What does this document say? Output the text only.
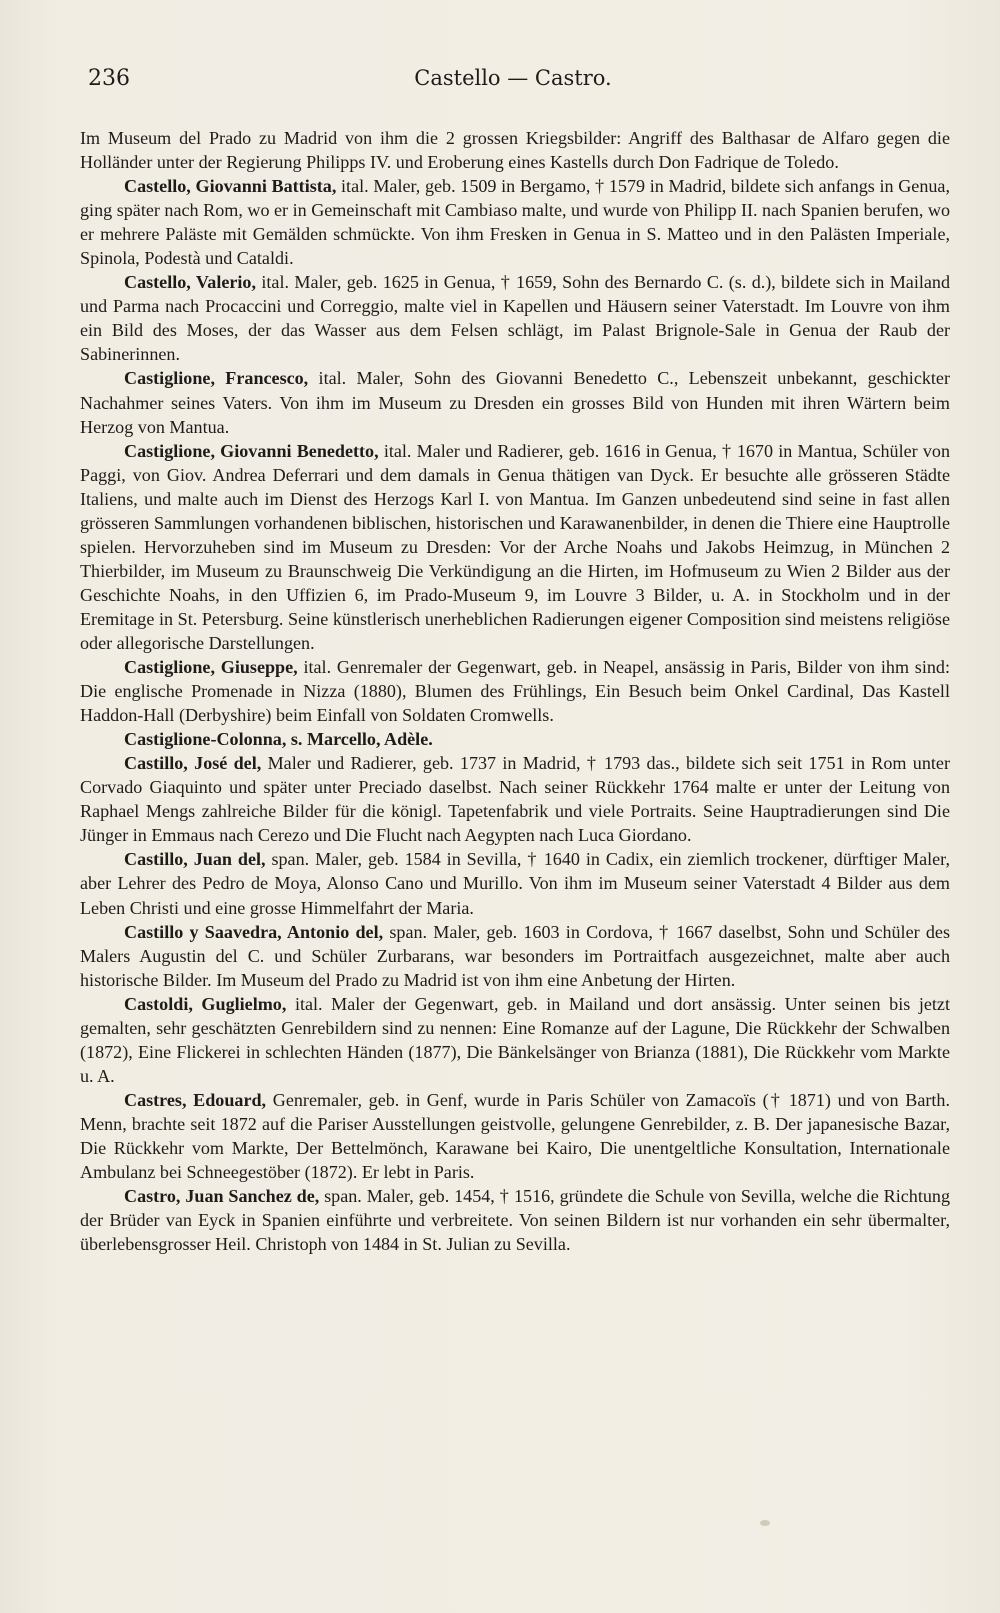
236	Castello — Castro.

Im Museum del Prado zu Madrid von ihm die 2 grossen Kriegsbilder: Angriff des Balthasar de Alfaro gegen die Holländer unter der Regierung Philipps IV. und Eroberung eines Kastells durch Don Fadrique de Toledo.

Castello, Giovanni Battista, ital. Maler, geb. 1509 in Bergamo, † 1579 in Madrid, bildete sich anfangs in Genua, ging später nach Rom, wo er in Gemeinschaft mit Cambiaso malte, und wurde von Philipp II. nach Spanien berufen, wo er mehrere Paläste mit Gemälden schmückte. Von ihm Fresken in Genua in S. Matteo und in den Palästen Imperiale, Spinola, Podestà und Cataldi.

Castello, Valerio, ital. Maler, geb. 1625 in Genua, † 1659, Sohn des Bernardo C. (s. d.), bildete sich in Mailand und Parma nach Procaccini und Correggio, malte viel in Kapellen und Häusern seiner Vaterstadt. Im Louvre von ihm ein Bild des Moses, der das Wasser aus dem Felsen schlägt, im Palast Brignole-Sale in Genua der Raub der Sabinerinnen.

Castiglione, Francesco, ital. Maler, Sohn des Giovanni Benedetto C., Lebenszeit unbekannt, geschickter Nachahmer seines Vaters. Von ihm im Museum zu Dresden ein grosses Bild von Hunden mit ihren Wärtern beim Herzog von Mantua.

Castiglione, Giovanni Benedetto, ital. Maler und Radierer, geb. 1616 in Genua, † 1670 in Mantua, Schüler von Paggi, von Giov. Andrea Deferrari und dem damals in Genua thätigen van Dyck. Er besuchte alle grösseren Städte Italiens, und malte auch im Dienst des Herzogs Karl I. von Mantua. Im Ganzen unbedeutend sind seine in fast allen grösseren Sammlungen vorhandenen biblischen, historischen und Karawanenbilder, in denen die Thiere eine Hauptrolle spielen. Hervorzuheben sind im Museum zu Dresden: Vor der Arche Noahs und Jakobs Heimzug, in München 2 Thierbilder, im Museum zu Braunschweig Die Verkündigung an die Hirten, im Hofmuseum zu Wien 2 Bilder aus der Geschichte Noahs, in den Uffizien 6, im Prado-Museum 9, im Louvre 3 Bilder, u. A. in Stockholm und in der Eremitage in St. Petersburg. Seine künstlerisch unerheblichen Radierungen eigener Composition sind meistens religiöse oder allegorische Darstellungen.

Castiglione, Giuseppe, ital. Genremaler der Gegenwart, geb. in Neapel, ansässig in Paris, Bilder von ihm sind: Die englische Promenade in Nizza (1880), Blumen des Frühlings, Ein Besuch beim Onkel Cardinal, Das Kastell Haddon-Hall (Derbyshire) beim Einfall von Soldaten Cromwells.

Castiglione-Colonna, s. Marcello, Adèle.

Castillo, José del, Maler und Radierer, geb. 1737 in Madrid, † 1793 das., bildete sich seit 1751 in Rom unter Corvado Giaquinto und später unter Preciado daselbst. Nach seiner Rückkehr 1764 malte er unter der Leitung von Raphael Mengs zahlreiche Bilder für die königl. Tapetenfabrik und viele Portraits. Seine Hauptradierungen sind Die Jünger in Emmaus nach Cerezo und Die Flucht nach Aegypten nach Luca Giordano.

Castillo, Juan del, span. Maler, geb. 1584 in Sevilla, † 1640 in Cadix, ein ziemlich trockener, dürftiger Maler, aber Lehrer des Pedro de Moya, Alonso Cano und Murillo. Von ihm im Museum seiner Vaterstadt 4 Bilder aus dem Leben Christi und eine grosse Himmelfahrt der Maria.

Castillo y Saavedra, Antonio del, span. Maler, geb. 1603 in Cordova, † 1667 daselbst, Sohn und Schüler des Malers Augustin del C. und Schüler Zurbarans, war besonders im Portraitfach ausgezeichnet, malte aber auch historische Bilder. Im Museum del Prado zu Madrid ist von ihm eine Anbetung der Hirten.

Castoldi, Guglielmo, ital. Maler der Gegenwart, geb. in Mailand und dort ansässig. Unter seinen bis jetzt gemalten, sehr geschätzten Genrebildern sind zu nennen: Eine Romanze auf der Lagune, Die Rückkehr der Schwalben (1872), Eine Flickerei in schlechten Händen (1877), Die Bänkelsänger von Brianza (1881), Die Rückkehr vom Markte u. A.

Castres, Edouard, Genremaler, geb. in Genf, wurde in Paris Schüler von Zamacoïs († 1871) und von Barth. Menn, brachte seit 1872 auf die Pariser Ausstellungen geistvolle, gelungene Genrebilder, z. B. Der japanesische Bazar, Die Rückkehr vom Markte, Der Bettelmönch, Karawane bei Kairo, Die unentgeltliche Konsultation, Internationale Ambulanz bei Schneegestöber (1872). Er lebt in Paris.

Castro, Juan Sanchez de, span. Maler, geb. 1454, † 1516, gründete die Schule von Sevilla, welche die Richtung der Brüder van Eyck in Spanien einführte und verbreitete. Von seinen Bildern ist nur vorhanden ein sehr übermalter, überlebensgrosser Heil. Christoph von 1484 in St. Julian zu Sevilla.
